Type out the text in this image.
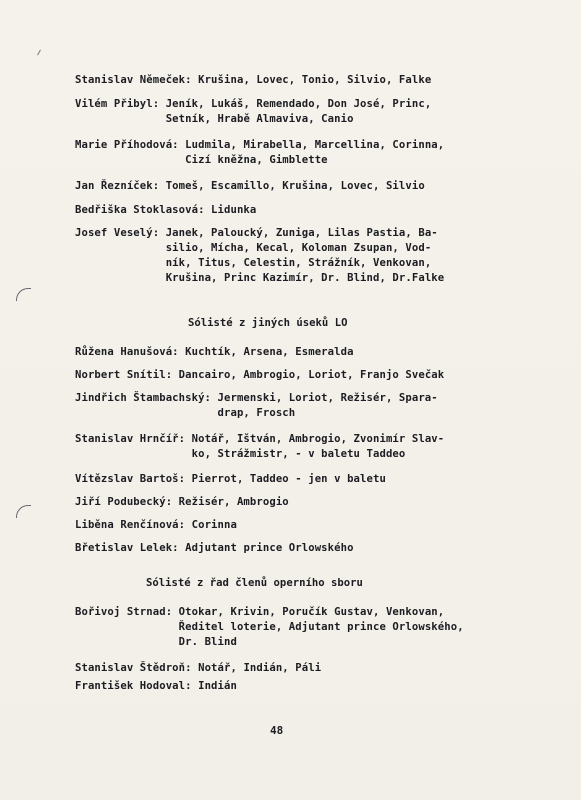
Stanislav Němeček: Krušina, Lovec, Tonio, Silvio, Falke
Vilém Přibyl: Jeník, Lukáš, Remendado, Don José, Princ,
Setník, Hrabě Almaviva, Canio
Marie Příhodová: Ludmila, Mirabella, Marcellina, Corinna,
Cizí kněžna, Gimblette
Jan Řezníček: Tomeš, Escamillo, Krušina, Lovec, Silvio
Bedřiška Stoklasová: Lidunka
Josef Veselý: Janek, Paloucký, Zuniga, Lilas Pastia, Ba-
silio, Mícha, Kecal, Koloman Zsupan, Vod-
ník, Titus, Celestin, Strážník, Venkovan,
Krušina, Princ Kazimír, Dr. Blind, Dr.Falke
Sólisté z jiných úseků LO
Růžena Hanušová: Kuchtík, Arsena, Esmeralda
Norbert Snítil: Dancairo, Ambrogio, Loriot, Franjo Svečak
Jindřich Štambachský: Jermenski, Loriot, Režisér, Spara-
drap, Frosch
Stanislav Hrnčíř: Notář, Ištván, Ambrogio, Zvonimír Slav-
ko, Strážmistr, - v baletu Taddeo
Vítězslav Bartoš: Pierrot, Taddeo - jen v baletu
Jiří Podubecký: Režisér, Ambrogio
Liběna Renčínová: Corinna
Břetislav Lelek: Adjutant prince Orlowského
Sólisté z řad členů operního sboru
Bořivoj Strnad: Otokar, Krivin, Poručík Gustav, Venkovan,
Ředitel loterie, Adjutant prince Orlowského,
Dr. Blind
Stanislav Štědroň: Notář, Indián, Páli
František Hodoval: Indián
48
